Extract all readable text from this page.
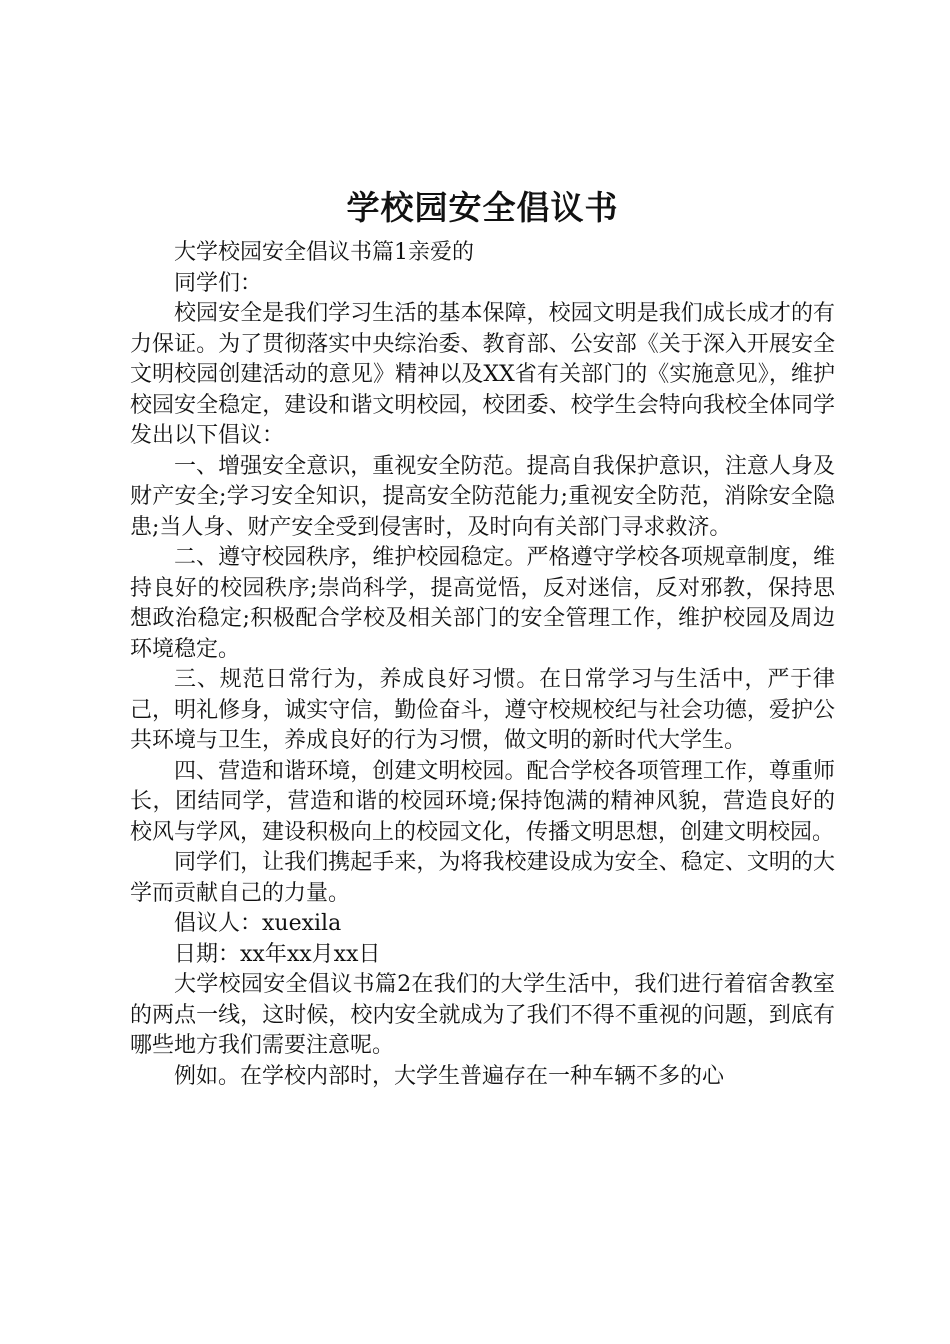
学校园安全倡议书

大学校园安全倡议书篇1亲爱的

同学们：

校园安全是我们学习生活的基本保障，校园文明是我们成长成才的有力保证。为了贯彻落实中央综治委、教育部、公安部《关于深入开展安全文明校园创建活动的意见》精神以及XX省有关部门的《实施意见》，维护校园安全稳定，建设和谐文明校园，校团委、校学生会特向我校全体同学发出以下倡议：

一、增强安全意识，重视安全防范。提高自我保护意识，注意人身及财产安全;学习安全知识，提高安全防范能力;重视安全防范，消除安全隐患;当人身、财产安全受到侵害时，及时向有关部门寻求救济。

二、遵守校园秩序，维护校园稳定。严格遵守学校各项规章制度，维持良好的校园秩序;崇尚科学，提高觉悟，反对迷信，反对邪教，保持思想政治稳定;积极配合学校及相关部门的安全管理工作，维护校园及周边环境稳定。

三、规范日常行为，养成良好习惯。在日常学习与生活中，严于律己，明礼修身，诚实守信，勤俭奋斗，遵守校规校纪与社会功德，爱护公共环境与卫生，养成良好的行为习惯，做文明的新时代大学生。

四、营造和谐环境，创建文明校园。配合学校各项管理工作，尊重师长，团结同学，营造和谐的校园环境;保持饱满的精神风貌，营造良好的校风与学风，建设积极向上的校园文化，传播文明思想，创建文明校园。

同学们，让我们携起手来，为将我校建设成为安全、稳定、文明的大学而贡献自己的力量。

倡议人：xuexila

日期：xx年xx月xx日

大学校园安全倡议书篇2在我们的大学生活中，我们进行着宿舍教室的两点一线，这时候，校内安全就成为了我们不得不重视的问题，到底有哪些地方我们需要注意呢。

例如。在学校内部时，大学生普遍存在一种车辆不多的心
